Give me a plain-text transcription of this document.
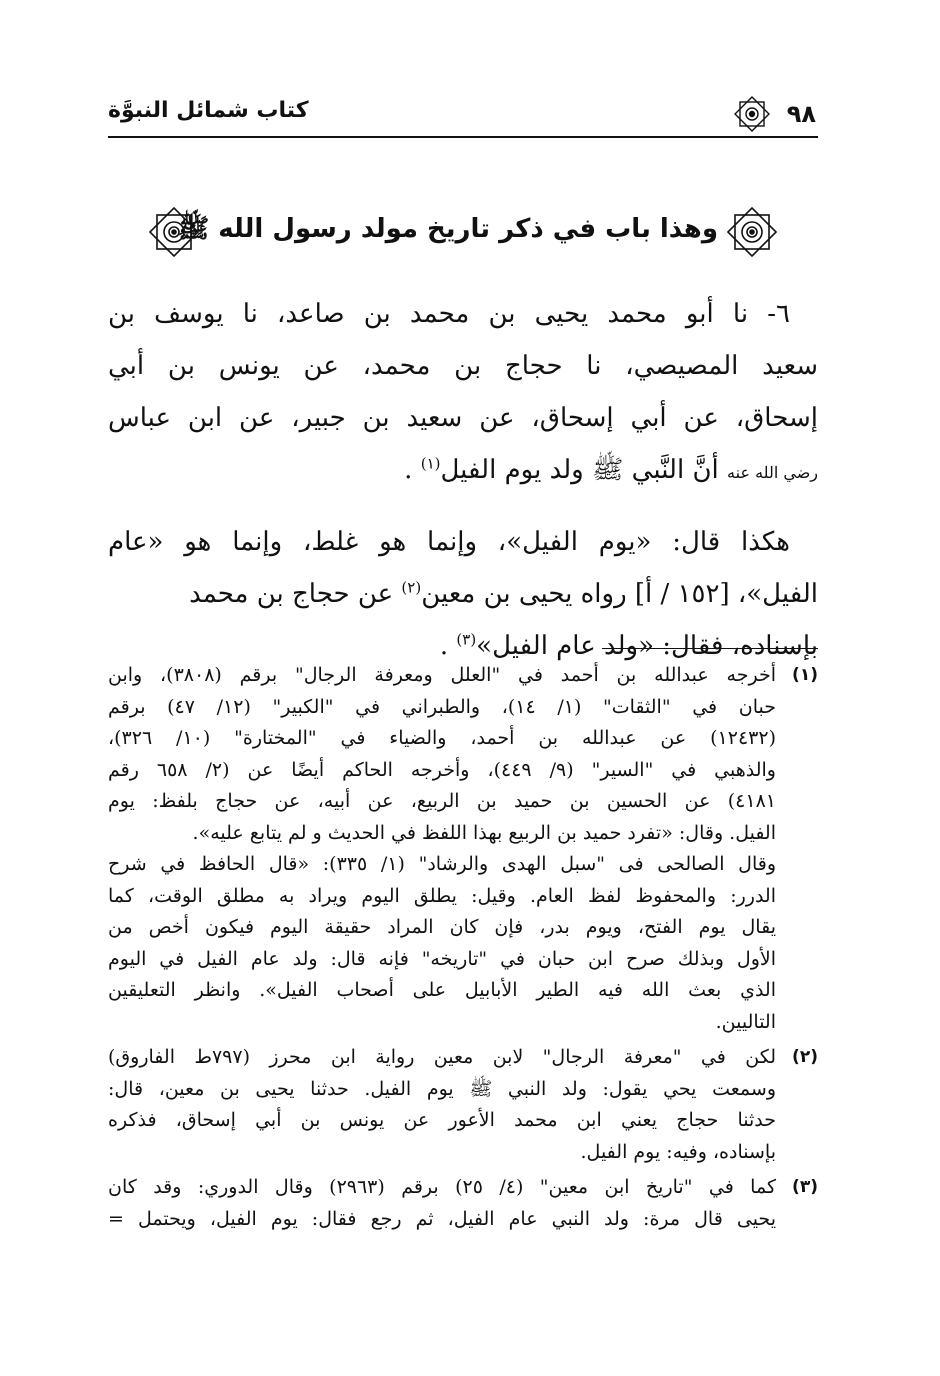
٩٨
كتاب شمائل النبوَّة
وهذا باب في ذكر تاريخ مولد رسول الله ﷺ
٦- نا أبو محمد يحيى بن محمد بن صاعد، نا يوسف بن
سعيد المصيصي، نا حجاج بن محمد، عن يونس بن أبي
إسحاق، عن أبي إسحاق، عن سعيد بن جبير، عن ابن عباس
رضي الله عنه أنَّ النَّبي ﷺ ولد يوم الفيل$^{(١)}$ .
هكذا قال: «يوم الفيل»، وإنما هو غلط، وإنما هو «عام
الفيل»، [١٥٢ / أ] رواه يحيى بن معين$^{(٢)}$ عن حجاج بن محمد
بإسناده، فقال: «ولد عام الفيل»$^{(٣)}$ .
(١)
أخرجه عبدالله بن أحمد في "العلل ومعرفة الرجال" برقم (٣٨٠٨)، وابن
حبان في "الثقات" (١/ ١٤)، والطبراني في "الكبير" (١٢/ ٤٧) برقم
(١٢٤٣٢) عن عبدالله بن أحمد، والضياء في "المختارة" (١٠/ ٣٢٦)،
والذهبي في "السير" (٩/ ٤٤٩)، وأخرجه الحاكم أيضًا عن (٢/ ٦٥٨ رقم
٤١٨١) عن الحسين بن حميد بن الربيع، عن أبيه، عن حجاج بلفظ: يوم
الفيل. وقال: «تفرد حميد بن الربيع بهذا اللفظ في الحديث و لم يتابع عليه».
وقال الصالحى فى "سبل الهدى والرشاد" (١/ ٣٣٥): «قال الحافظ في شرح
الدرر: والمحفوظ لفظ العام. وقيل: يطلق اليوم ويراد به مطلق الوقت، كما
يقال يوم الفتح، ويوم بدر، فإن كان المراد حقيقة اليوم فيكون أخص من
الأول وبذلك صرح ابن حبان في "تاريخه" فإنه قال: ولد عام الفيل في اليوم
الذي بعث الله فيه الطير الأبابيل على أصحاب الفيل». وانظر التعليقين
التاليين.
(٢)
لكن في "معرفة الرجال" لابن معين رواية ابن محرز (٧٩٧ط الفاروق)
وسمعت يحي يقول: ولد النبي ﷺ يوم الفيل. حدثنا يحيى بن معين، قال:
حدثنا حجاج يعني ابن محمد الأعور عن يونس بن أبي إسحاق، فذكره
بإسناده، وفيه: يوم الفيل.
(٣)
كما في "تاريخ ابن معين" (٤/ ٢٥) برقم (٢٩٦٣) وقال الدوري: وقد كان
يحيى قال مرة: ولد النبي عام الفيل، ثم رجع فقال: يوم الفيل، ويحتمل =
